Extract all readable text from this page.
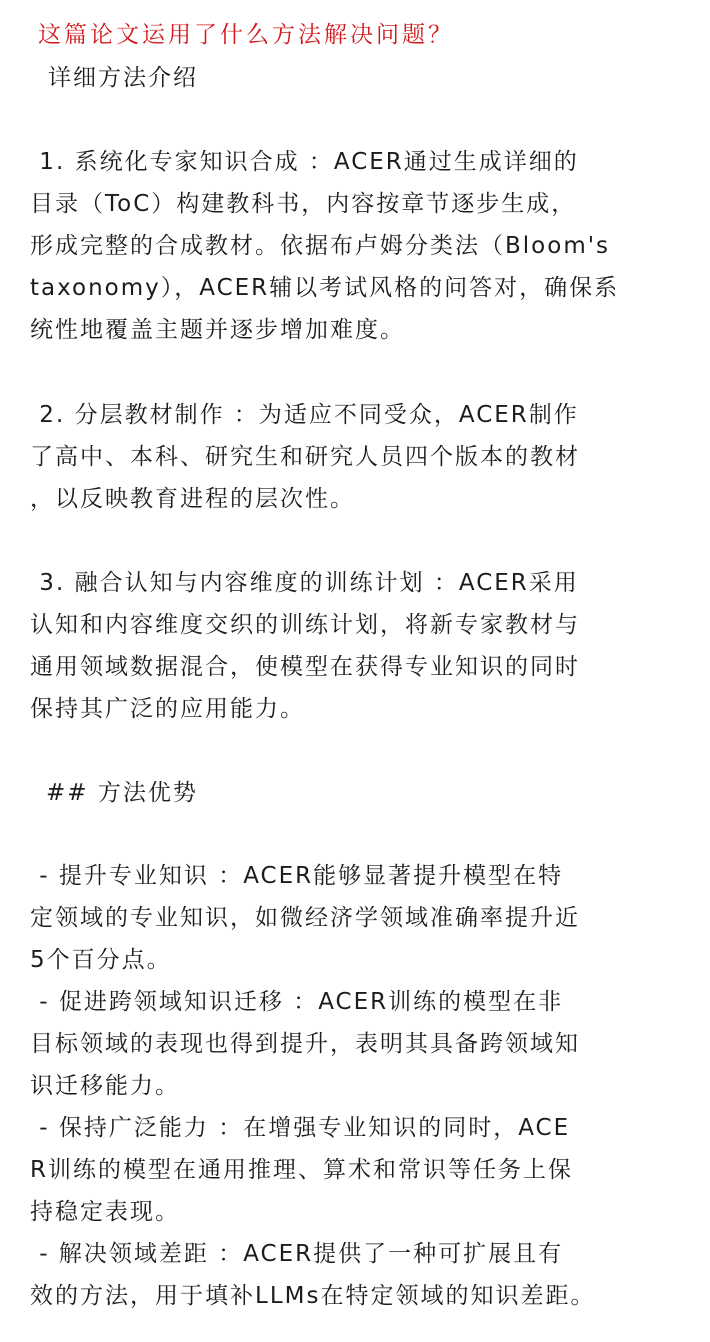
这篇论文运用了什么方法解决问题？
详细方法介绍
1. 系统化专家知识合成 ：ACER通过生成详细的
目录（ToC）构建教科书，内容按章节逐步生成，
形成完整的合成教材。依据布卢姆分类法（Bloom's
taxonomy），ACER辅以考试风格的问答对，确保系
统性地覆盖主题并逐步增加难度。
2. 分层教材制作 ：为适应不同受众，ACER制作
了高中、本科、研究生和研究人员四个版本的教材
，以反映教育进程的层次性。
3. 融合认知与内容维度的训练计划 ：ACER采用
认知和内容维度交织的训练计划，将新专家教材与
通用领域数据混合，使模型在获得专业知识的同时
保持其广泛的应用能力。
## 方法优势
- 提升专业知识 ：ACER能够显著提升模型在特
定领域的专业知识，如微经济学领域准确率提升近
5个百分点。
- 促进跨领域知识迁移 ：ACER训练的模型在非
目标领域的表现也得到提升，表明其具备跨领域知
识迁移能力。
- 保持广泛能力 ：在增强专业知识的同时，ACE
R训练的模型在通用推理、算术和常识等任务上保
持稳定表现。
- 解决领域差距 ：ACER提供了一种可扩展且有
效的方法，用于填补LLMs在特定领域的知识差距。
